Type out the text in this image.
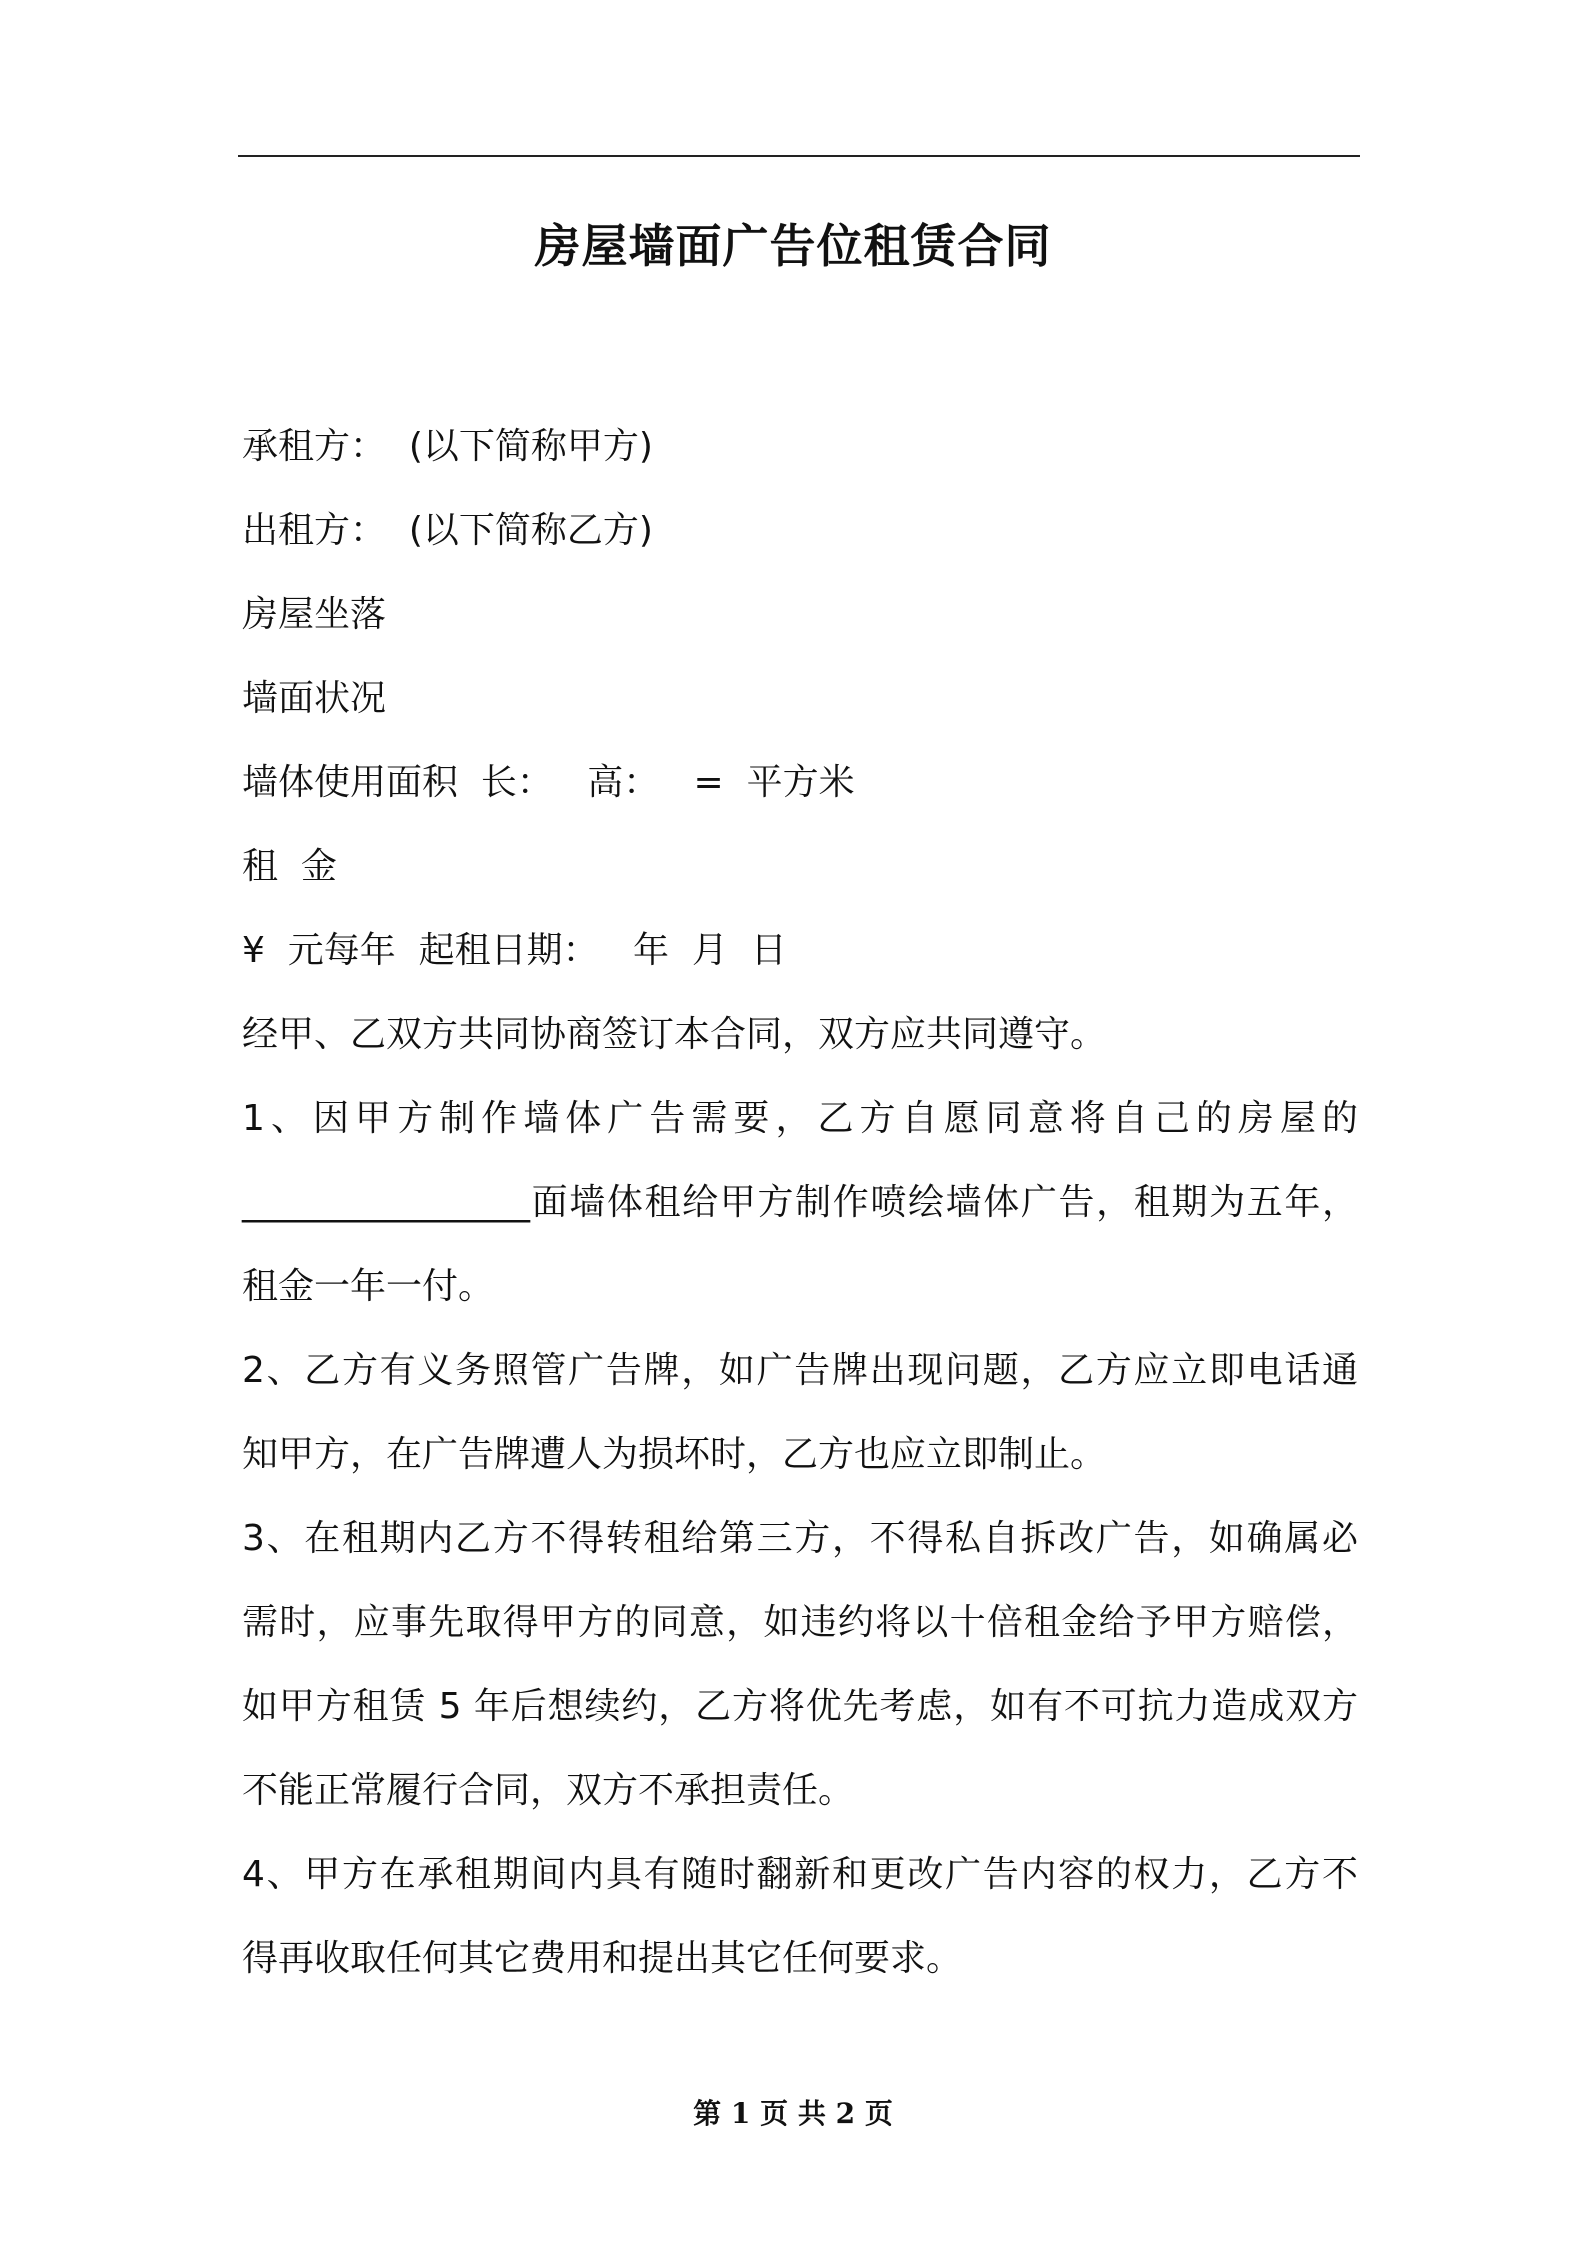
房屋墙面广告位租赁合同
承租方：  (以下简称甲方)
出租方：  (以下简称乙方)
房屋坐落
墙面状况
墙体使用面积  长：   高：   =  平方米
租  金
¥  元每年  起租日期：   年  月  日
经甲、乙双方共同协商签订本合同，双方应共同遵守。
1、因甲方制作墙体广告需要，乙方自愿同意将自己的房屋的
________________面墙体租给甲方制作喷绘墙体广告，租期为五年，
租金一年一付。
2、乙方有义务照管广告牌，如广告牌出现问题，乙方应立即电话通
知甲方，在广告牌遭人为损坏时，乙方也应立即制止。
3、在租期内乙方不得转租给第三方，不得私自拆改广告，如确属必
需时，应事先取得甲方的同意，如违约将以十倍租金给予甲方赔偿，
如甲方租赁 5 年后想续约，乙方将优先考虑，如有不可抗力造成双方
不能正常履行合同，双方不承担责任。
4、甲方在承租期间内具有随时翻新和更改广告内容的权力，乙方不
得再收取任何其它费用和提出其它任何要求。
第 1 页 共 2 页
